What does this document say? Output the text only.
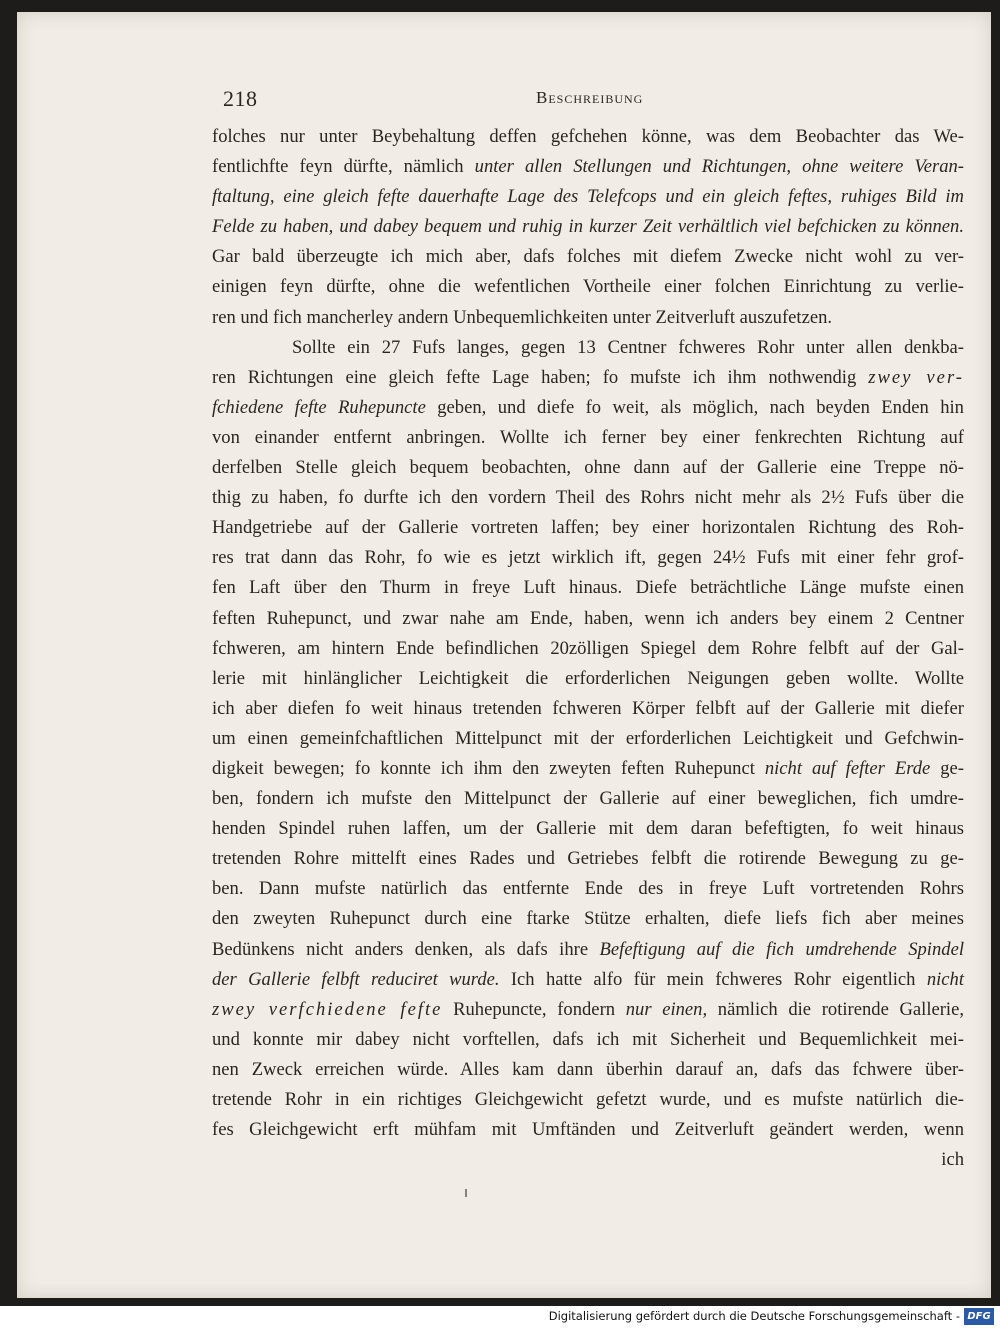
218	Beschreibung
folches nur unter Beybehaltung deffen gefchehen könne, was dem Beobachter das We-
fentlichfte feyn dürfte, nämlich unter allen Stellungen und Richtungen, ohne weitere Veran-
ftaltung, eine gleich fefte dauerhafte Lage des Telefcops und ein gleich feftes, ruhiges Bild im
Felde zu haben, und dabey bequem und ruhig in kurzer Zeit verhältlich viel befchicken zu können.
Gar bald überzeugte ich mich aber, dafs folches mit diefem Zwecke nicht wohl zu ver-
einigen feyn dürfte, ohne die wefentlichen Vortheile einer folchen Einrichtung zu verlie-
ren und fich mancherley andern Unbequemlichkeiten unter Zeitverluft auszufetzen.
Sollte ein 27 Fufs langes, gegen 13 Centner fchweres Rohr unter allen denkba-
ren Richtungen eine gleich fefte Lage haben; fo mufste ich ihm nothwendig zwey ver-
fchiedene fefte Ruhepuncte geben, und diefe fo weit, als möglich, nach beyden Enden hin
von einander entfernt anbringen. Wollte ich ferner bey einer fenkrechten Richtung auf
derfelben Stelle gleich bequem beobachten, ohne dann auf der Gallerie eine Treppe nö-
thig zu haben, fo durfte ich den vordern Theil des Rohrs nicht mehr als 2½ Fufs über die
Handgetriebe auf der Gallerie vortreten laffen; bey einer horizontalen Richtung des Roh-
res trat dann das Rohr, fo wie es jetzt wirklich ift, gegen 24½ Fufs mit einer fehr grof-
fen Laft über den Thurm in freye Luft hinaus. Diefe beträchtliche Länge mufste einen
feften Ruhepunct, und zwar nahe am Ende, haben, wenn ich anders bey einem 2 Centner
fchweren, am hintern Ende befindlichen 20zölligen Spiegel dem Rohre felbft auf der Gal-
lerie mit hinlänglicher Leichtigkeit die erforderlichen Neigungen geben wollte. Wollte
ich aber diefen fo weit hinaus tretenden fchweren Körper felbft auf der Gallerie mit diefer
um einen gemeinfchaftlichen Mittelpunct mit der erforderlichen Leichtigkeit und Gefchwin-
digkeit bewegen; fo konnte ich ihm den zweyten feften Ruhepunct nicht auf fefter Erde ge-
ben, fondern ich mufste den Mittelpunct der Gallerie auf einer beweglichen, fich umdre-
henden Spindel ruhen laffen, um der Gallerie mit dem daran befeftigten, fo weit hinaus
tretenden Rohre mittelft eines Rades und Getriebes felbft die rotirende Bewegung zu ge-
ben. Dann mufste natürlich das entfernte Ende des in freye Luft vortretenden Rohrs
den zweyten Ruhepunct durch eine ftarke Stütze erhalten, diefe liefs fich aber meines
Bedünkens nicht anders denken, als dafs ihre Befeftigung auf die fich umdrehende Spindel
der Gallerie felbft reduciret wurde. Ich hatte alfo für mein fchweres Rohr eigentlich nicht
zwey verfchiedene fefte Ruhepuncte, fondern nur einen, nämlich die rotirende Gallerie,
und konnte mir dabey nicht vorftellen, dafs ich mit Sicherheit und Bequemlichkeit mei-
nen Zweck erreichen würde. Alles kam dann überhin darauf an, dafs das fchwere über-
tretende Rohr in ein richtiges Gleichgewicht gefetzt wurde, und es mufste natürlich die-
fes Gleichgewicht erft mühfam mit Umftänden und Zeitverluft geändert werden, wenn
ich
Digitalisierung gefördert durch die Deutsche Forschungsgemeinschaft - DFG
